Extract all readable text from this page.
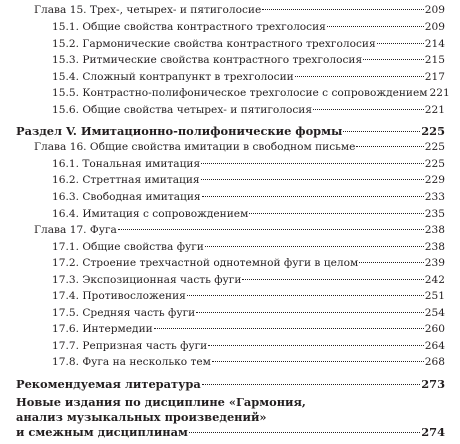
Глава 15. Трех-, четырех- и пятиголосие	209
15.1. Общие свойства контрастного трехголосия	209
15.2. Гармонические свойства контрастного трехголосия	214
15.3. Ритмические свойства контрастного трехголосия	215
15.4. Сложный контрапункт в трехголосии	217
15.5. Контрастно-полифоническое трехголосие с сопровождением 221
15.6. Общие свойства четырех- и пятиголосия	221
Раздел V. Имитационно-полифонические формы	225
Глава 16. Общие свойства имитации в свободном письме	225
16.1. Тональная имитация	225
16.2. Стреттная имитация	229
16.3. Свободная имитация	233
16.4. Имитация с сопровождением	235
Глава 17. Фуга	238
17.1. Общие свойства фуги	238
17.2. Строение трехчастной однотемной фуги в целом	239
17.3. Экспозиционная часть фуги	242
17.4. Противосложения	251
17.5. Средняя часть фуги	254
17.6. Интермедии	260
17.7. Репризная часть фуги	264
17.8. Фуга на несколько тем	268
Рекомендуемая литература	273
Новые издания по дисциплине «Гармония,
анализ музыкальных произведений»
и смежным дисциплинам	274
